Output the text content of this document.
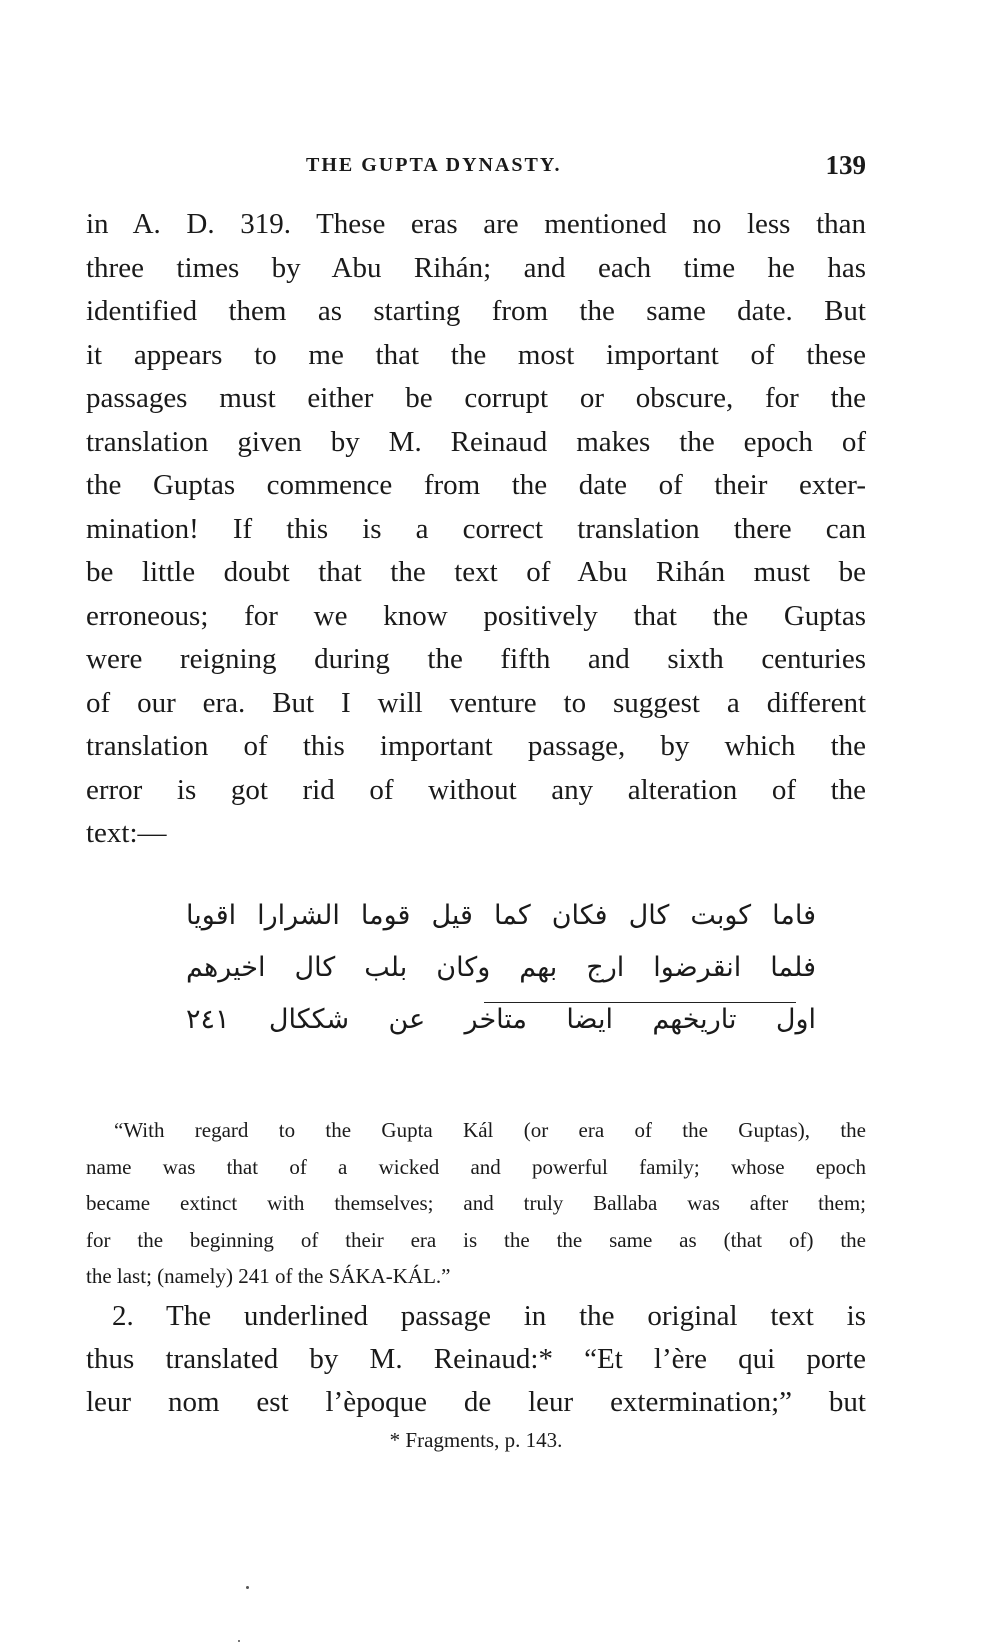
THE GUPTA DYNASTY.	139
in A. D. 319. These eras are mentioned no less than
three times by Abu Rihán; and each time he has
identified them as starting from the same date. But
it appears to me that the most important of these
passages must either be corrupt or obscure, for the
translation given by M. Reinaud makes the epoch of
the Guptas commence from the date of their exter-
mination! If this is a correct translation there can
be little doubt that the text of Abu Rihán must be
erroneous; for we know positively that the Guptas
were reigning during the fifth and sixth centuries
of our era. But I will venture to suggest a different
translation of this important passage, by which the
error is got rid of without any alteration of the
text:—
فاما كوبت كال فكان كما قيل قوما الشرارا اقويا
فلما انقرضوا ارج بهم وكان بلب كال اخيرهم
اول تاريخهم ايضا متاخر عن شككال ٢٤١
“With regard to the Gupta Kál (or era of the Guptas), the
name was that of a wicked and powerful family; whose epoch
became extinct with themselves; and truly Ballaba was after them;
for the beginning of their era is the the same as (that of) the
the last; (namely) 241 of the SÁKA-KÁL.”
2. The underlined passage in the original text is
thus translated by M. Reinaud:* “Et l’ère qui porte
leur nom est l’èpoque de leur extermination;” but
* Fragments, p. 143.
